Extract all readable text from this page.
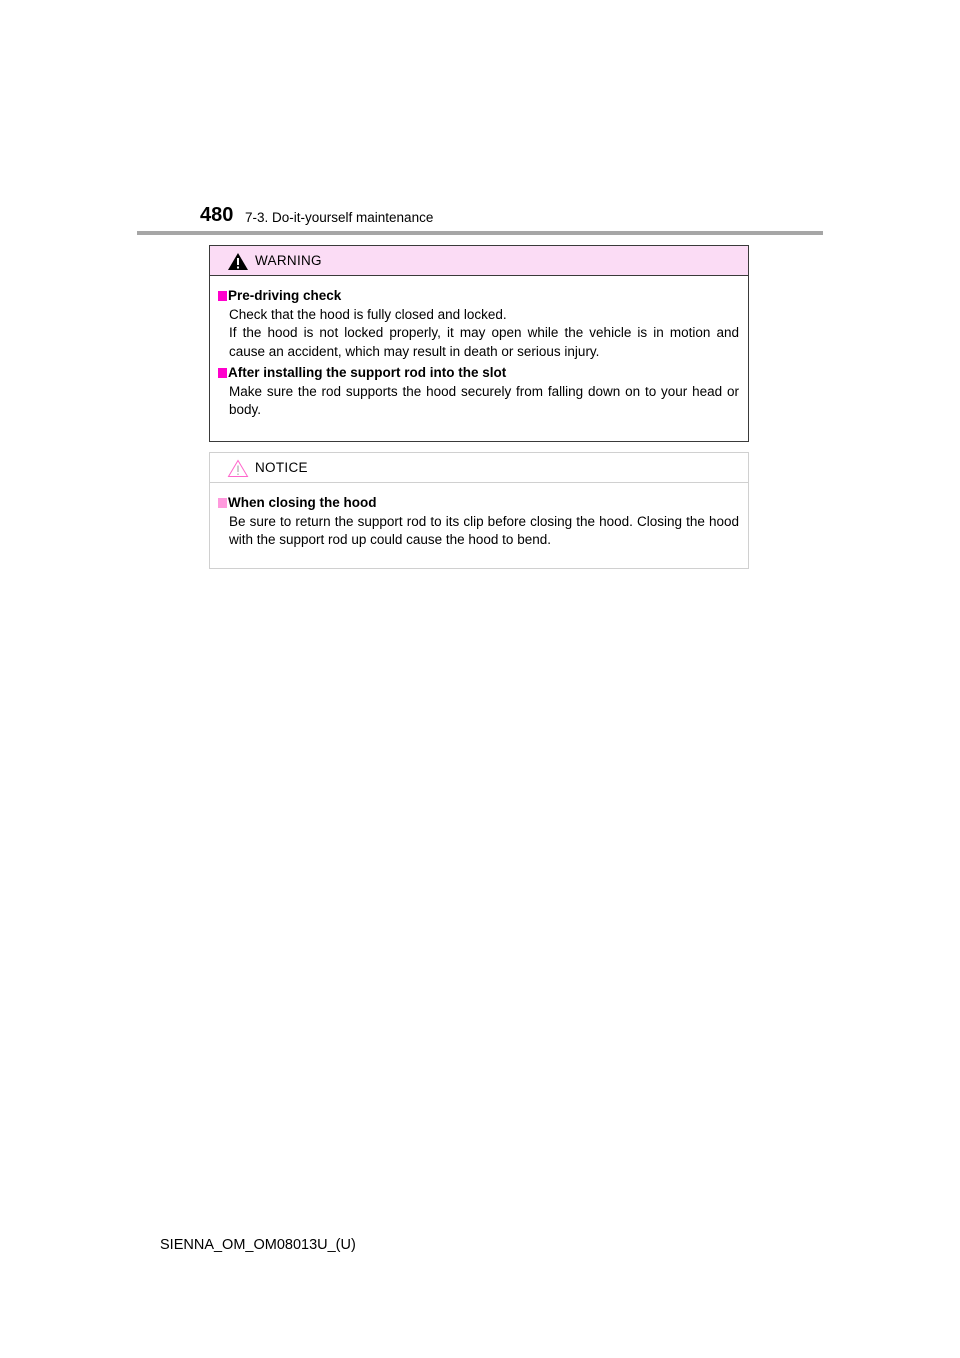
480 7-3. Do-it-yourself maintenance
WARNING
Pre-driving check
Check that the hood is fully closed and locked.
If the hood is not locked properly, it may open while the vehicle is in motion and cause an accident, which may result in death or serious injury.
After installing the support rod into the slot
Make sure the rod supports the hood securely from falling down on to your head or body.
NOTICE
When closing the hood
Be sure to return the support rod to its clip before closing the hood. Closing the hood with the support rod up could cause the hood to bend.
SIENNA_OM_OM08013U_(U)
